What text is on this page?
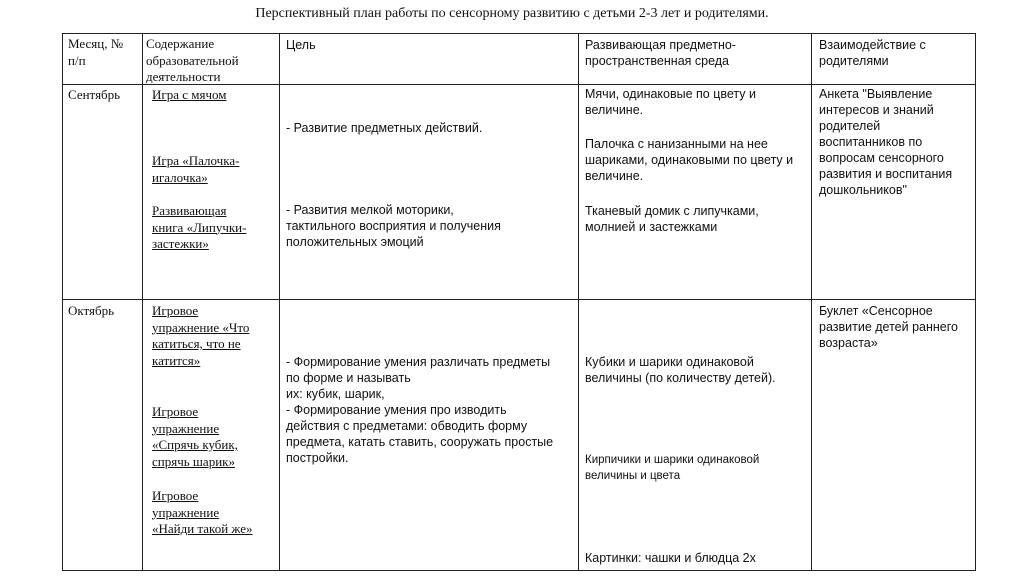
Перспективный план работы по сенсорному развитию с детьми 2-3 лет и родителями.
Месяц, №
п/п
Содержание
образовательной
деятельности
Цель	Развивающая предметно-
пространственная среда
Взаимодействие с
родителями
Сентябрь Игра с мячом
Игра «Палочка-
игалочка»
Развивающая
книга «Липучки-
застежки»
- Развитие предметных действий.
- Развития мелкой моторики,
тактильного восприятия и получения
положительных эмоций
Мячи, одинаковые по цвету и
величине.
Палочка с нанизанными на нее
шариками, одинаковыми по цвету и
величине.
Тканевый домик с липучками,
молнией и застежками
Анкета "Выявление
интересов и знаний
родителей
воспитанников по
вопросам сенсорного
развития и воспитания
дошкольников"
Октябрь	Игровое
упражнение «Что
катиться, что не
катится»
Игровое
упражнение
«Спрячь кубик,
спрячь шарик»
Игровое
упражнение
«Найди такой же»
- Формирование умения различать предметы
по форме и называть
их: кубик, шарик,
- Формирование умения про изводить
действия с предметами: обводить форму
предмета, катать ставить, сооружать простые
постройки.
Кубики и шарики одинаковой
величины (по количеству детей).
Кирпичики и шарики одинаковой
величины и цвета
Картинки: чашки и блюдца 2х
Буклет «Сенсорное
развитие детей раннего
возраста»
